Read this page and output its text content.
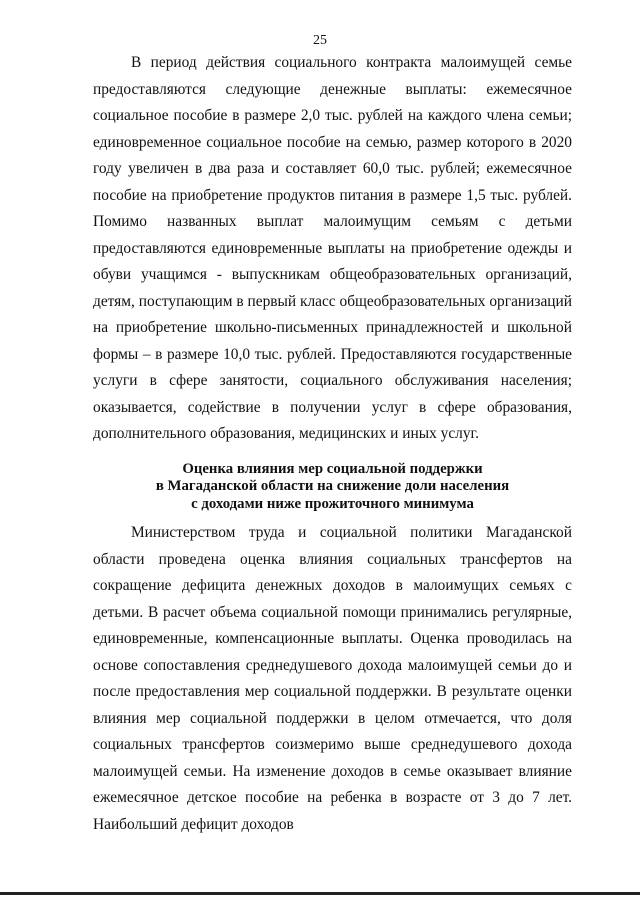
25

В период действия социального контракта малоимущей семье предоставляются следующие денежные выплаты: ежемесячное социальное пособие в размере 2,0 тыс. рублей на каждого члена семьи; единовременное социальное пособие на семью, размер которого в 2020 году увеличен в два раза и составляет 60,0 тыс. рублей; ежемесячное пособие на приобретение продуктов питания в размере 1,5 тыс. рублей. Помимо названных выплат малоимущим семьям с детьми предоставляются единовременные выплаты на приобретение одежды и обуви учащимся - выпускникам общеобразовательных организаций, детям, поступающим в первый класс общеобразовательных организаций на приобретение школьно-письменных принадлежностей и школьной формы – в размере 10,0 тыс. рублей. Предоставляются государственные услуги в сфере занятости, социального обслуживания населения; оказывается, содействие в получении услуг в сфере образования, дополнительного образования, медицинских и иных услуг.

Оценка влияния мер социальной поддержки
в Магаданской области на снижение доли населения
с доходами ниже прожиточного минимума

Министерством труда и социальной политики Магаданской области проведена оценка влияния социальных трансфертов на сокращение дефицита денежных доходов в малоимущих семьях с детьми. В расчет объема социальной помощи принимались регулярные, единовременные, компенсационные выплаты. Оценка проводилась на основе сопоставления среднедушевого дохода малоимущей семьи до и после предоставления мер социальной поддержки. В результате оценки влияния мер социальной поддержки в целом отмечается, что доля социальных трансфертов соизмеримо выше среднедушевого дохода малоимущей семьи. На изменение доходов в семье оказывает влияние ежемесячное детское пособие на ребенка в возрасте от 3 до 7 лет. Наибольший дефицит доходов
